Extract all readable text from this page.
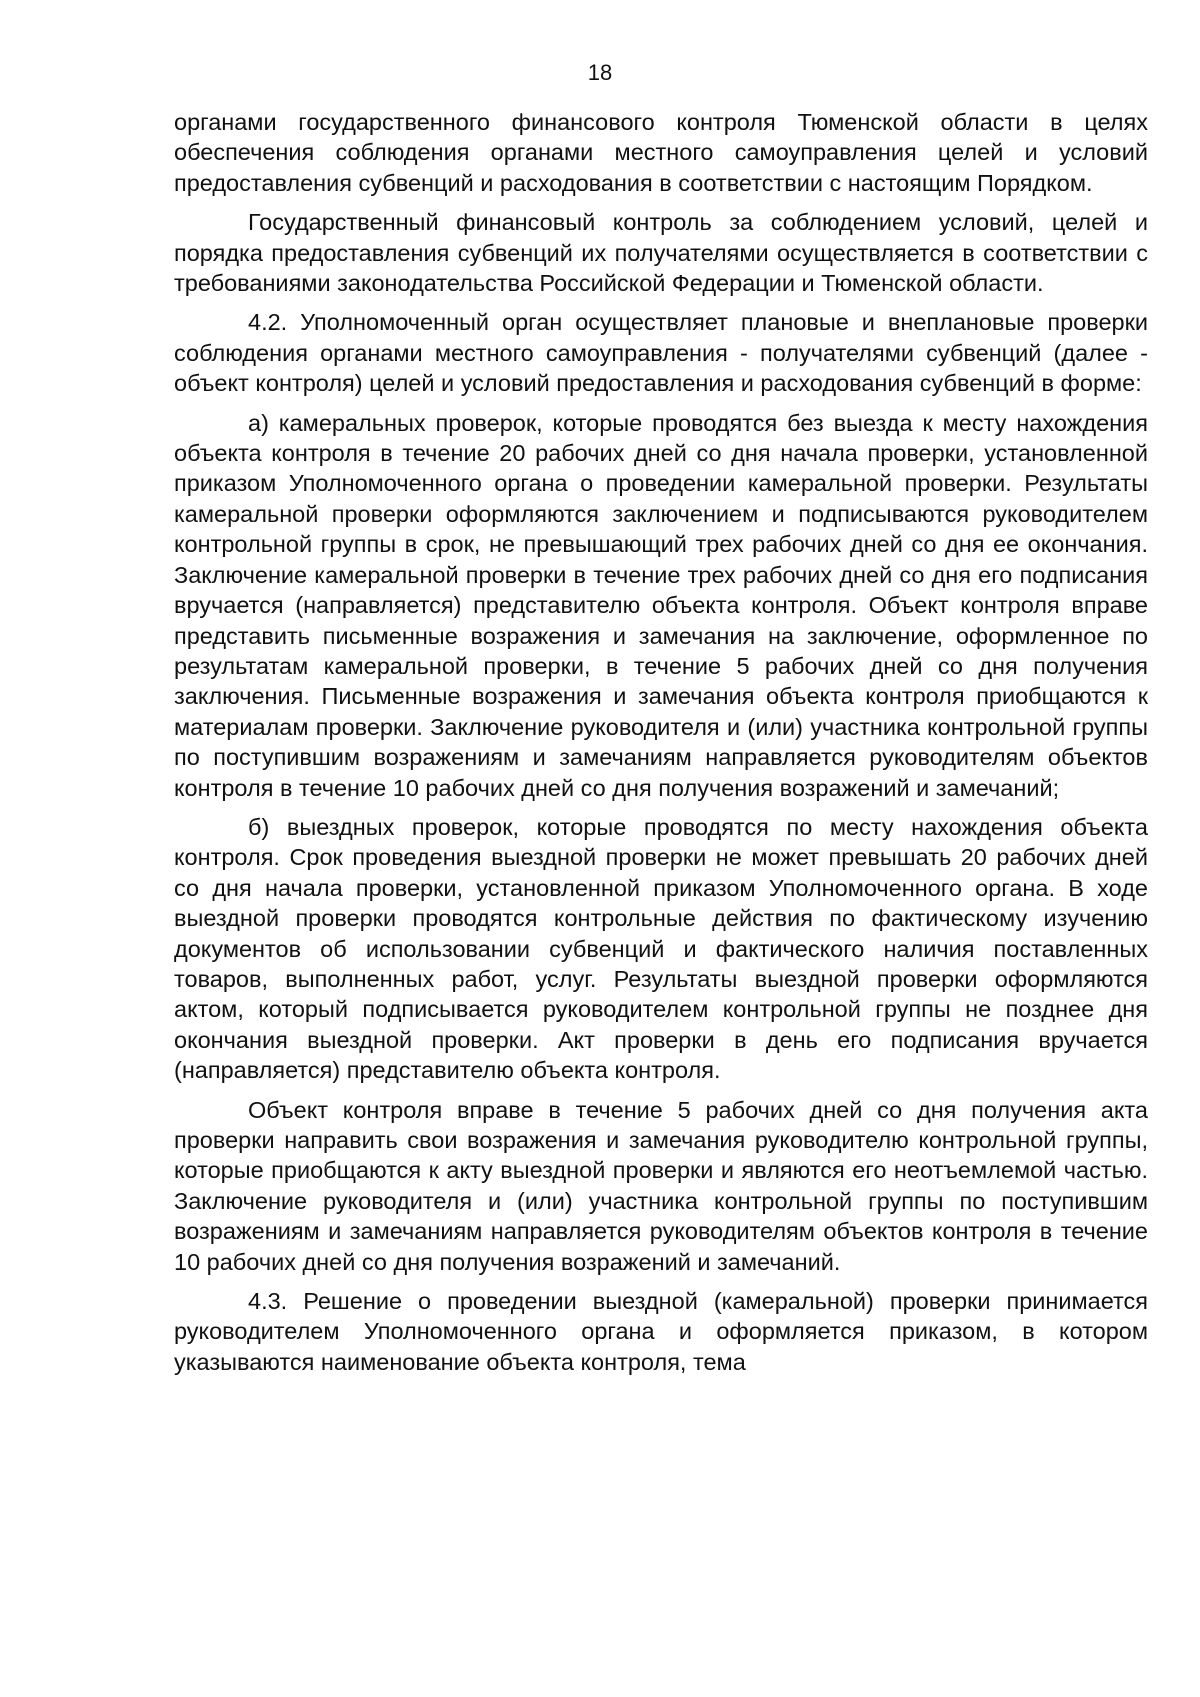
18

органами государственного финансового контроля Тюменской области в целях обеспечения соблюдения органами местного самоуправления целей и условий предоставления субвенций и расходования в соответствии с настоящим Порядком.

Государственный финансовый контроль за соблюдением условий, целей и порядка предоставления субвенций их получателями осуществляется в соответствии с требованиями законодательства Российской Федерации и Тюменской области.

4.2. Уполномоченный орган осуществляет плановые и внеплановые проверки соблюдения органами местного самоуправления - получателями субвенций (далее - объект контроля) целей и условий предоставления и расходования субвенций в форме:

а) камеральных проверок, которые проводятся без выезда к месту нахождения объекта контроля в течение 20 рабочих дней со дня начала проверки, установленной приказом Уполномоченного органа о проведении камеральной проверки. Результаты камеральной проверки оформляются заключением и подписываются руководителем контрольной группы в срок, не превышающий трех рабочих дней со дня ее окончания. Заключение камеральной проверки в течение трех рабочих дней со дня его подписания вручается (направляется) представителю объекта контроля. Объект контроля вправе представить письменные возражения и замечания на заключение, оформленное по результатам камеральной проверки, в течение 5 рабочих дней со дня получения заключения. Письменные возражения и замечания объекта контроля приобщаются к материалам проверки. Заключение руководителя и (или) участника контрольной группы по поступившим возражениям и замечаниям направляется руководителям объектов контроля в течение 10 рабочих дней со дня получения возражений и замечаний;

б) выездных проверок, которые проводятся по месту нахождения объекта контроля. Срок проведения выездной проверки не может превышать 20 рабочих дней со дня начала проверки, установленной приказом Уполномоченного органа. В ходе выездной проверки проводятся контрольные действия по фактическому изучению документов об использовании субвенций и фактического наличия поставленных товаров, выполненных работ, услуг. Результаты выездной проверки оформляются актом, который подписывается руководителем контрольной группы не позднее дня окончания выездной проверки. Акт проверки в день его подписания вручается (направляется) представителю объекта контроля.

Объект контроля вправе в течение 5 рабочих дней со дня получения акта проверки направить свои возражения и замечания руководителю контрольной группы, которые приобщаются к акту выездной проверки и являются его неотъемлемой частью. Заключение руководителя и (или) участника контрольной группы по поступившим возражениям и замечаниям направляется руководителям объектов контроля в течение 10 рабочих дней со дня получения возражений и замечаний.

4.3. Решение о проведении выездной (камеральной) проверки принимается руководителем Уполномоченного органа и оформляется приказом, в котором указываются наименование объекта контроля, тема
